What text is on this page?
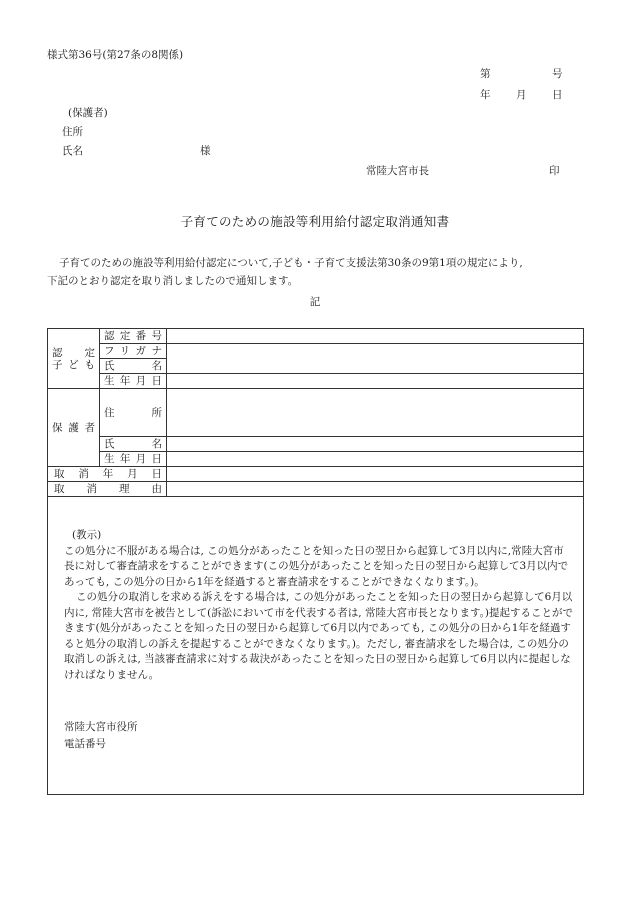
様式第36号(第27条の8関係)
第	号
年 月 日
(保護者)
住所
氏名	様
常陸大宮市長	印
子育てのための施設等利用給付認定取消通知書

子育てのための施設等利用給付認定について,子ども・子育て支援法第30条の9第1項の規定により,

下記のとおり認定を取り消しましたので通知します。
記
認　定
子ども	認定番号	
	フリガナ	
	氏名	
	生年月日	
保護者	住所	
	氏名	
	生年月日	
取消年月日		
取消理由		

(教示)

この処分に不服がある場合は, この処分があったことを知った日の翌日から起算して3月以内に,常陸大宮市長に対して審査請求をすることができます(この処分があったことを知った日の翌日から起算して3月以内であっても, この処分の日から1年を経過すると審査請求をすることができなくなります。)。

この処分の取消しを求める訴えをする場合は, この処分があったことを知った日の翌日から起算して6月以内に, 常陸大宮市を被告として(訴訟において市を代表する者は, 常陸大宮市長となります。)提起することができます(処分があったことを知った日の翌日から起算して6月以内であっても, この処分の日から1年を経過すると処分の取消しの訴えを提起することができなくなります。)。ただし, 審査請求をした場合は, この処分の取消しの訴えは, 当該審査請求に対する裁決があったことを知った日の翌日から起算して6月以内に提起しなければなりません。

常陸大宮市役所
電話番号
